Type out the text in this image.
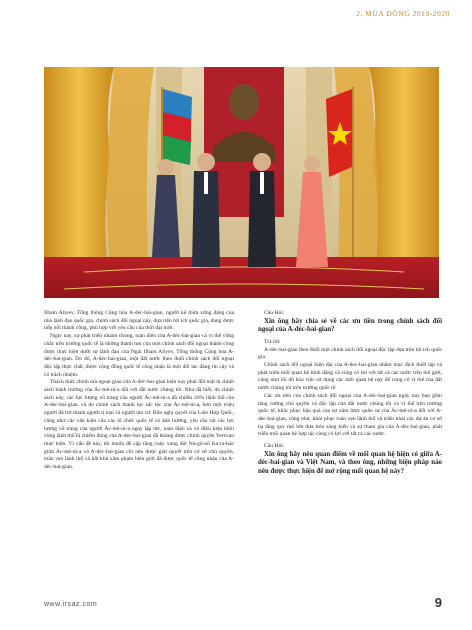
2, MÙA ĐÔNG 2019-2020

Ilham Aliyev, Tổng thống Cộng hòa A-déc-bai-gian, người kế thừa xứng đáng của nhà lãnh đạo quốc gia, chính sách đối ngoại này, dựa trên lợi ích quốc gia, đang được tiếp nối thành công, phù hợp với yêu cầu của thời đại mới.

Ngày nay, sự phát triển nhanh chóng, toàn diện của A-déc-bai-gian và vị thế vững chắc trên trường quốc tế là những thành tựu của một chính sách đối ngoại thành công được thực hiện dưới sự lãnh đạo của Ngài Ilham Aliyev, Tổng thống Cộng hòa A-déc-bai-gian. Do đó, A-déc-bai-gian, một đất nước theo đuổi chính sách đối ngoại độc lập thực chất, được cộng đồng quốc tế công nhận là một đối tác đáng tin cậy và có trách nhiệm.

Thách thức chính mà ngoại giao của A-déc-bai-gian hiện nay phải đối mặt là chính sách bành trướng của Ác-mê-ni-a đối với đất nước chúng tôi. Như đã biết, do chính sách này, các lực lượng vũ trang của người Ác-mê-ni-a đã chiếm 20% lãnh thổ của A-déc-bai-gian, và do chính sách thanh lọc sắc tộc của Ác-mê-ni-a, hơn một triệu người đã trở thành người tị nạn và người tản cư. Bốn nghị quyết của Liên Hợp Quốc, cũng như các văn kiện của các tổ chức quốc tế có ảnh hưởng, yêu cầu rút các lực lượng vũ trang của người Ác-mê-ni-a ngay lập tức, toàn diện và vô điều kiện khỏi vùng lãnh thổ bị chiếm đóng của A-déc-bai-gian đã không được chính quyền Yerevan thực hiện. Vì vấn đề này, tôi muốn đề cập rằng cuộc xung đột Na-gô-nô Ka-ra-bác giữa Ác-mê-ni-a và A-déc-bai-gian chỉ nên được giải quyết trên cơ sở chủ quyền, toàn vẹn lãnh thổ và bất khả xâm phạm biên giới đã được quốc tế công nhận của A-déc-bai-gian.

Câu Hỏi:

Xin ông hãy chia sẻ về các ưu tiên trong chính sách đối ngoại của A-déc-bai-gian?

Trả lời:

A-déc-bai-gian theo đuổi một chính sách đối ngoại độc lập dựa trên lợi ích quốc gia.

Chính sách đối ngoại hiện đại của A-déc-bai-gian nhằm mục đích thiết lập và phát triển mối quan hệ bình đẳng và cùng có lợi với tất cả các nước trên thế giới, cũng như lôi đủ hòa việc sử dụng các mối quan hệ này để cùng có vị thế của đất nước chúng tôi trên trường quốc tế.

Các ưu tiên của chính sách đối ngoại của A-déc-bai-gian ngày nay bao gồm tăng cường chủ quyền và độc lập của đất nước chúng tôi và vị thế trên trường quốc tế, khắc phục hậu quả của sự xâm lược quân sự của Ác-mê-ni-a đối với A-déc-bai-gian, cũng như, khôi phục toàn vẹn lãnh thổ và triển khai các dự án cơ sở hạ tầng quy mô lớn dựa trên sáng kiến và sự tham gia của A-déc-bai-gian, phát triển mối quan hệ hợp tác cùng có lợi với tất cả các nước.

Câu Hỏi:

Xin ông hãy nêu quan điểm về mối quan hệ hiện có giữa A-déc-bai-gian và Việt Nam, và theo ông, những biện pháp nào nên được thực hiện để mở rộng mối quan hệ này?

www.irsaz.com	9
